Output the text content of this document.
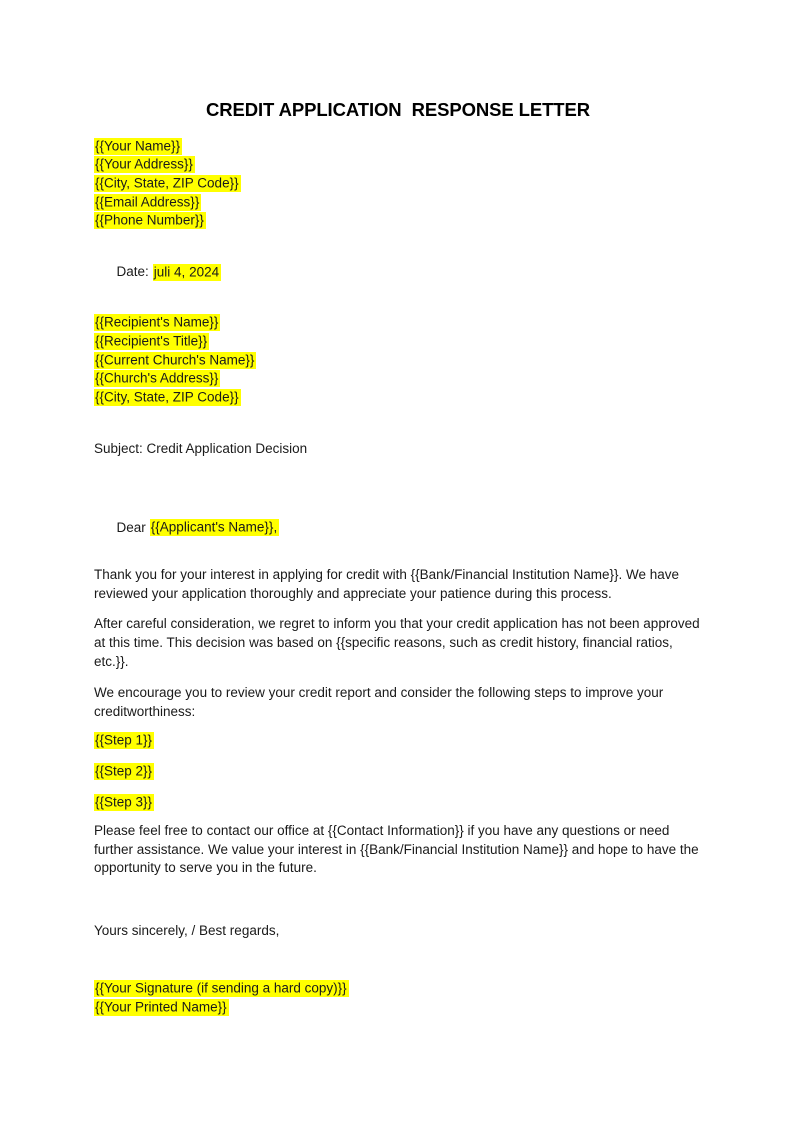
CREDIT APPLICATION  RESPONSE LETTER
{{Your Name}}
{{Your Address}}
{{City, State, ZIP Code}}
{{Email Address}}
{{Phone Number}}

Date: juli 4, 2024

{{Recipient's Name}}
{{Recipient's Title}}
{{Current Church's Name}}
{{Church's Address}}
{{City, State, ZIP Code}}
Subject: Credit Application Decision

Dear {{Applicant's Name}},

Thank you for your interest in applying for credit with {{Bank/Financial Institution Name}}. We have reviewed your application thoroughly and appreciate your patience during this process.
After careful consideration, we regret to inform you that your credit application has not been approved at this time. This decision was based on {{specific reasons, such as credit history, financial ratios, etc.}}.
We encourage you to review your credit report and consider the following steps to improve your creditworthiness:
{{Step 1}}
{{Step 2}}
{{Step 3}}
Please feel free to contact our office at {{Contact Information}} if you have any questions or need further assistance. We value your interest in {{Bank/Financial Institution Name}} and hope to have the opportunity to serve you in the future.
Yours sincerely, / Best regards,
{{Your Signature (if sending a hard copy)}}
{{Your Printed Name}}
